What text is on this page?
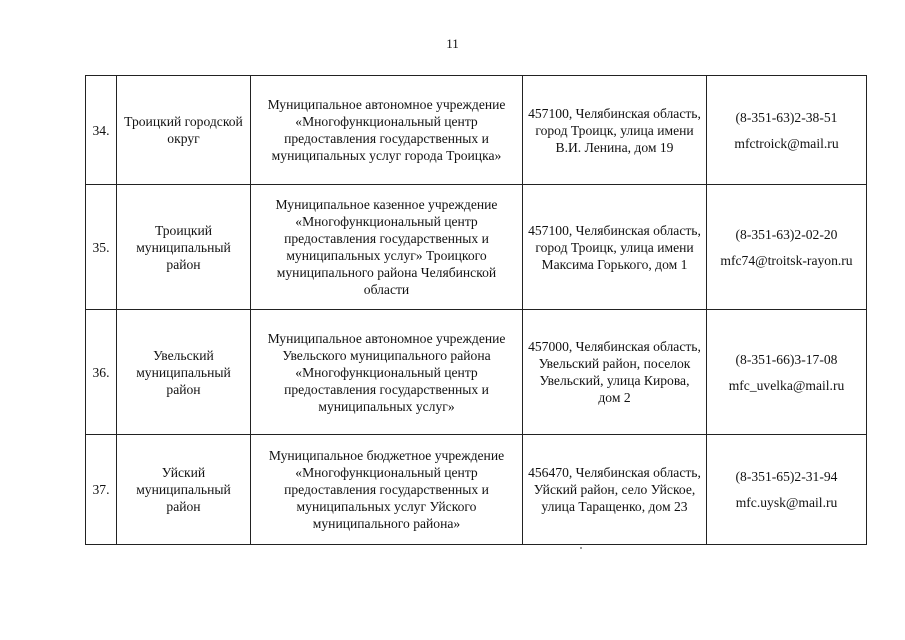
11
34.	Троицкий городской округ	Муниципальное автономное учреждение «Многофункциональный центр предоставления государственных и муниципальных услуг города Троицка»	457100, Челябинская область, город Троицк, улица имени В.И. Ленина, дом 19	(8-351-63)2-38-51
mfctroick@mail.ru

35.	Троицкий муниципальный район	Муниципальное казенное учреждение «Многофункциональный центр предоставления государственных и муниципальных услуг» Троицкого муниципального района Челябинской области	457100, Челябинская область, город Троицк, улица имени Максима Горького, дом 1	(8-351-63)2-02-20
mfc74@troitsk-rayon.ru

36.	Увельский муниципальный район	Муниципальное автономное учреждение Увельского муниципального района «Многофункциональный центр предоставления государственных и муниципальных услуг»	457000, Челябинская область, Увельский район, поселок Увельский, улица Кирова, дом 2	(8-351-66)3-17-08
mfc_uvelka@mail.ru

37.	Уйский муниципальный район	Муниципальное бюджетное учреждение «Многофункциональный центр предоставления государственных и муниципальных услуг Уйского муниципального района»	456470, Челябинская область, Уйский район, село Уйское, улица Таращенко, дом 23	(8-351-65)2-31-94
mfc.uysk@mail.ru
